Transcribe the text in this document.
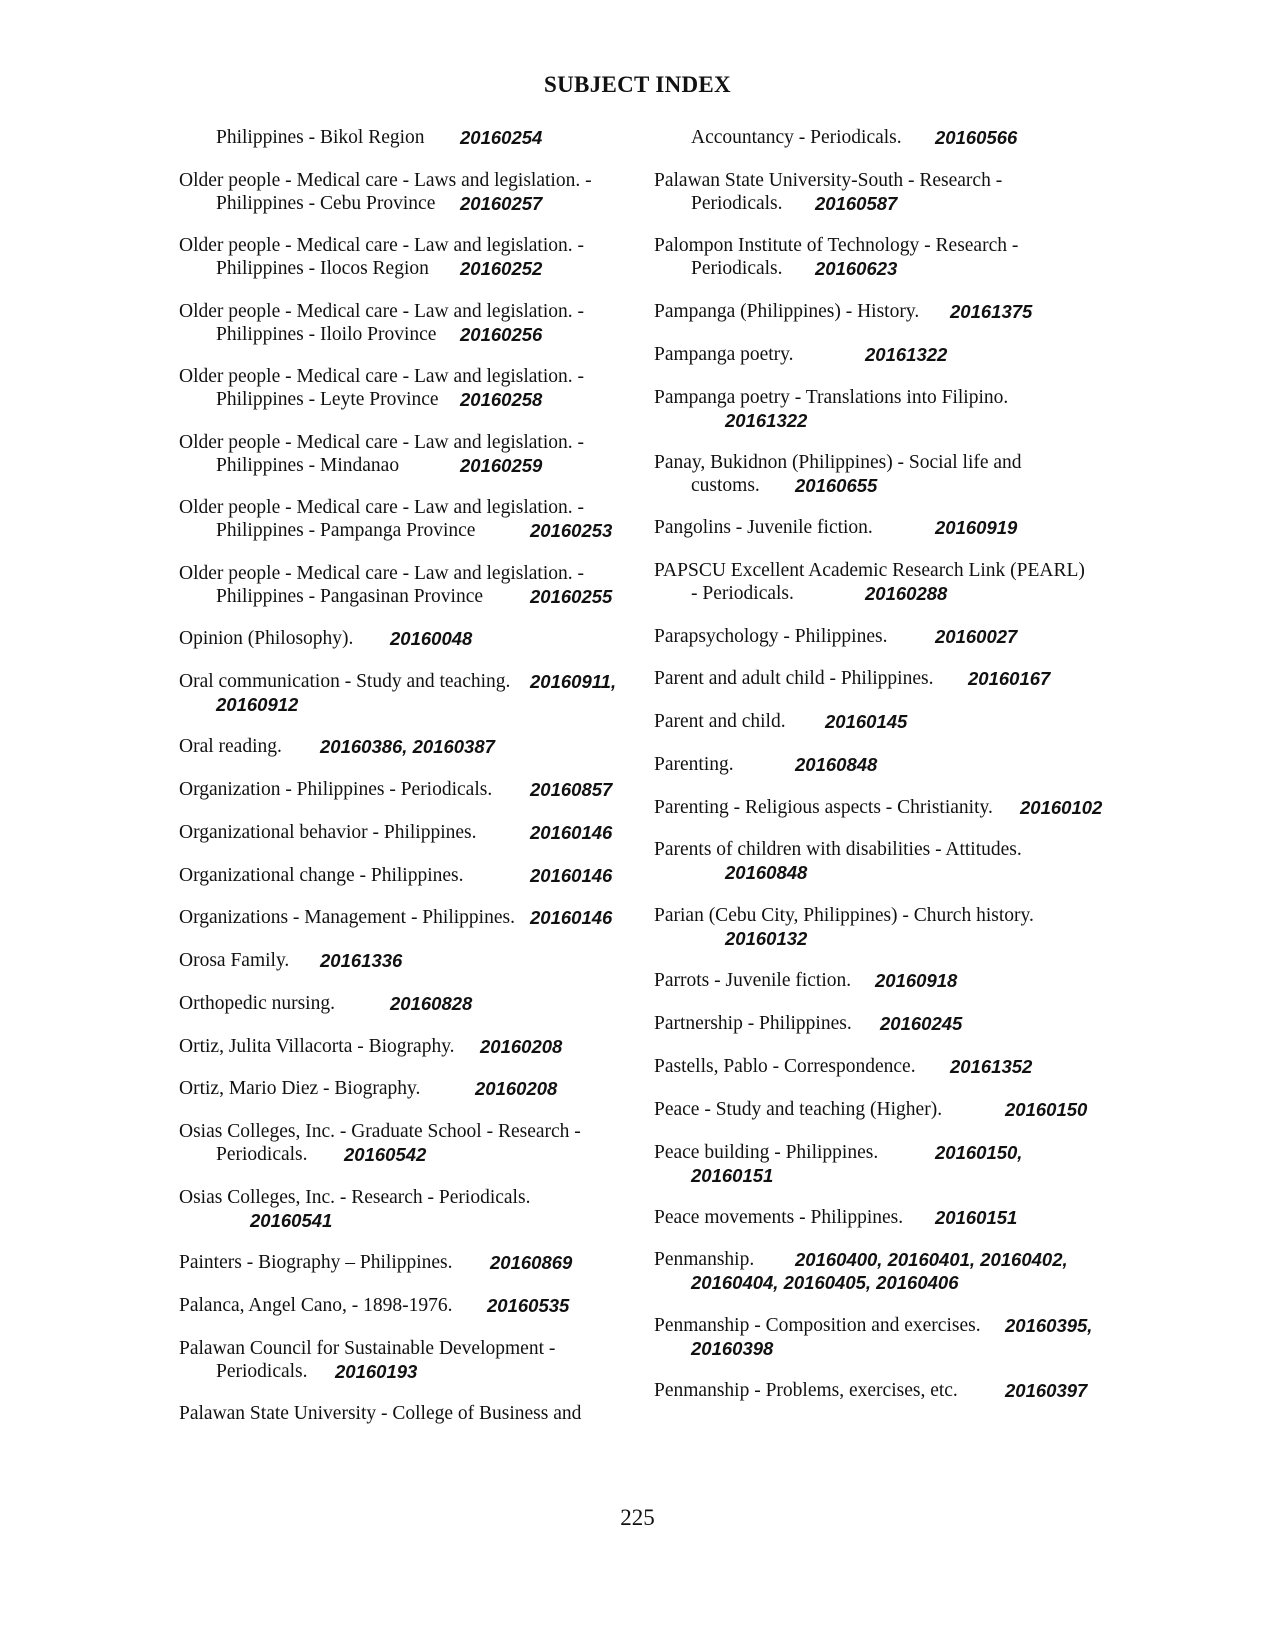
SUBJECT INDEX
Philippines - Bikol Region 20160254
Older people - Medical care - Laws and legislation. -
Philippines - Cebu Province 20160257
Older people - Medical care - Law and legislation. -
Philippines - Ilocos Region 20160252
Older people - Medical care - Law and legislation. -
Philippines - Iloilo Province 20160256
Older people - Medical care - Law and legislation. -
Philippines - Leyte Province 20160258
Older people - Medical care - Law and legislation. -
Philippines - Mindanao	20160259
Older people - Medical care - Law and legislation. -
Philippines - Pampanga Province	20160253
Older people - Medical care - Law and legislation. -
Philippines - Pangasinan Province	20160255
Opinion (Philosophy). 20160048
Oral communication - Study and teaching. 20160911,
20160912
Oral reading. 20160386, 20160387
Organization - Philippines - Periodicals. 20160857
Organizational behavior - Philippines.	20160146
Organizational change - Philippines.	20160146
Organizations - Management - Philippines. 20160146
Orosa Family. 20161336
Orthopedic nursing.	20160828
Ortiz, Julita Villacorta - Biography. 20160208
Ortiz, Mario Diez - Biography.	20160208
Osias Colleges, Inc. - Graduate School - Research -
Periodicals. 20160542
Osias Colleges, Inc. - Research - Periodicals.
20160541
Painters - Biography – Philippines. 20160869
Palanca, Angel Cano, - 1898-1976. 20160535
Palawan Council for Sustainable Development -
Periodicals. 20160193
Palawan State University - College of Business and
Accountancy - Periodicals. 20160566
Palawan State University-South - Research -
Periodicals. 20160587
Palompon Institute of Technology - Research -
Periodicals. 20160623
Pampanga (Philippines) - History. 20161375
Pampanga poetry.	20161322
Pampanga poetry - Translations into Filipino.
20161322
Panay, Bukidnon (Philippines) - Social life and
customs. 20160655
Pangolins - Juvenile fiction.	20160919
PAPSCU Excellent Academic Research Link (PEARL)
- Periodicals.	20160288
Parapsychology - Philippines.	20160027
Parent and adult child - Philippines. 20160167
Parent and child. 20160145
Parenting.	20160848
Parenting - Religious aspects - Christianity. 20160102
Parents of children with disabilities - Attitudes.
20160848
Parian (Cebu City, Philippines) - Church history.
20160132
Parrots - Juvenile fiction. 20160918
Partnership - Philippines. 20160245
Pastells, Pablo - Correspondence. 20161352
Peace - Study and teaching (Higher).	20160150
Peace building - Philippines.	20160150,
20160151
Peace movements - Philippines. 20160151
Penmanship. 20160400, 20160401, 20160402,
20160404, 20160405, 20160406
Penmanship - Composition and exercises. 20160395,
20160398
Penmanship - Problems, exercises, etc.	20160397
225
